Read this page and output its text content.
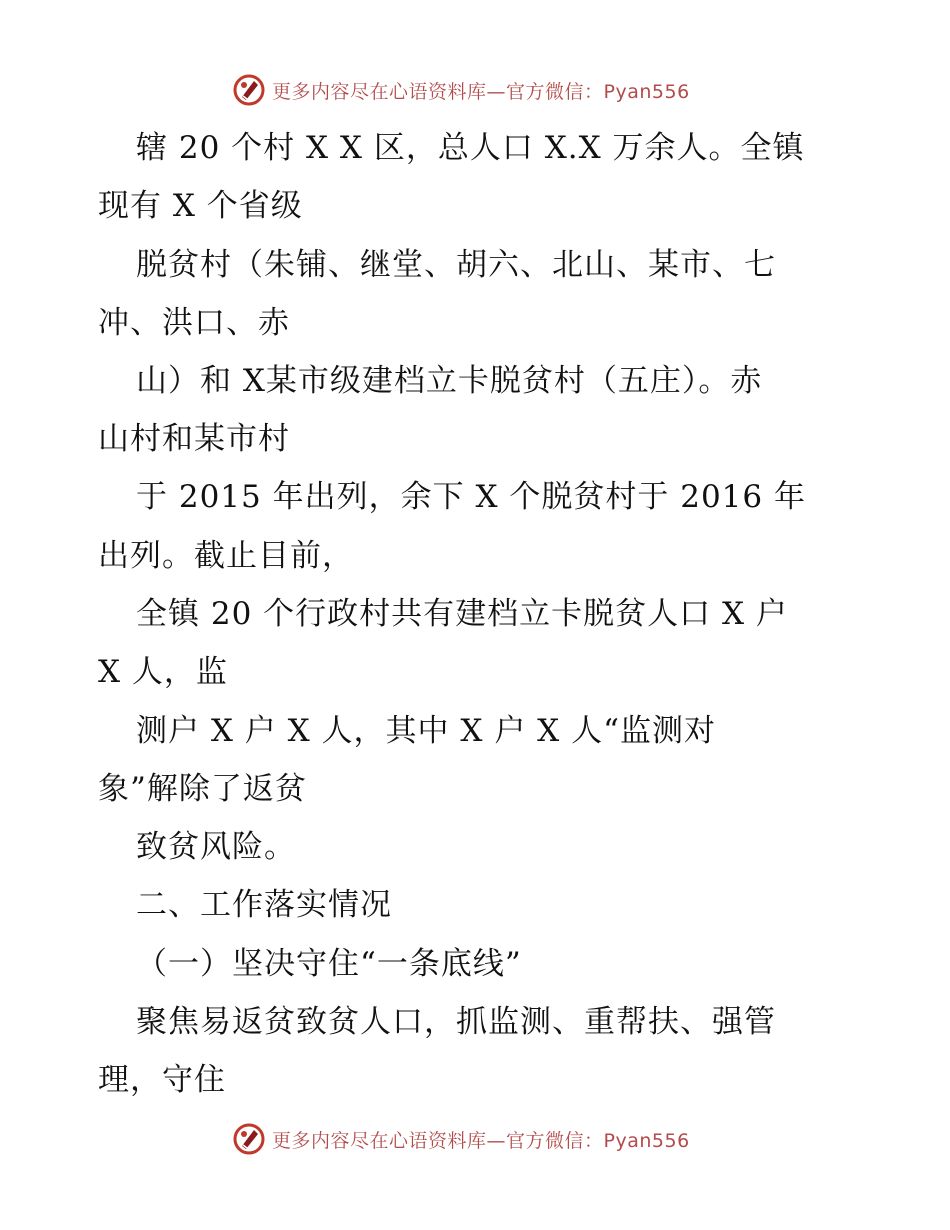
更多内容尽在心语资料库—官方微信：Pyan556
辖 20 个村 X X 区，总人口 X.X 万余人。全镇
现有 X 个省级
脱贫村（朱铺、继堂、胡六、北山、某市、七
冲、洪口、赤
山）和 X某市级建档立卡脱贫村（五庄）。赤
山村和某市村
于 2015 年出列，余下 X 个脱贫村于 2016 年
出列。截止目前，
全镇 20 个行政村共有建档立卡脱贫人口 X 户
X 人，监
测户 X 户 X 人，其中 X 户 X 人“监测对
象”解除了返贫
致贫风险。
二、工作落实情况
（一）坚决守住“一条底线”
聚焦易返贫致贫人口，抓监测、重帮扶、强管
理，守住
更多内容尽在心语资料库—官方微信：Pyan556
